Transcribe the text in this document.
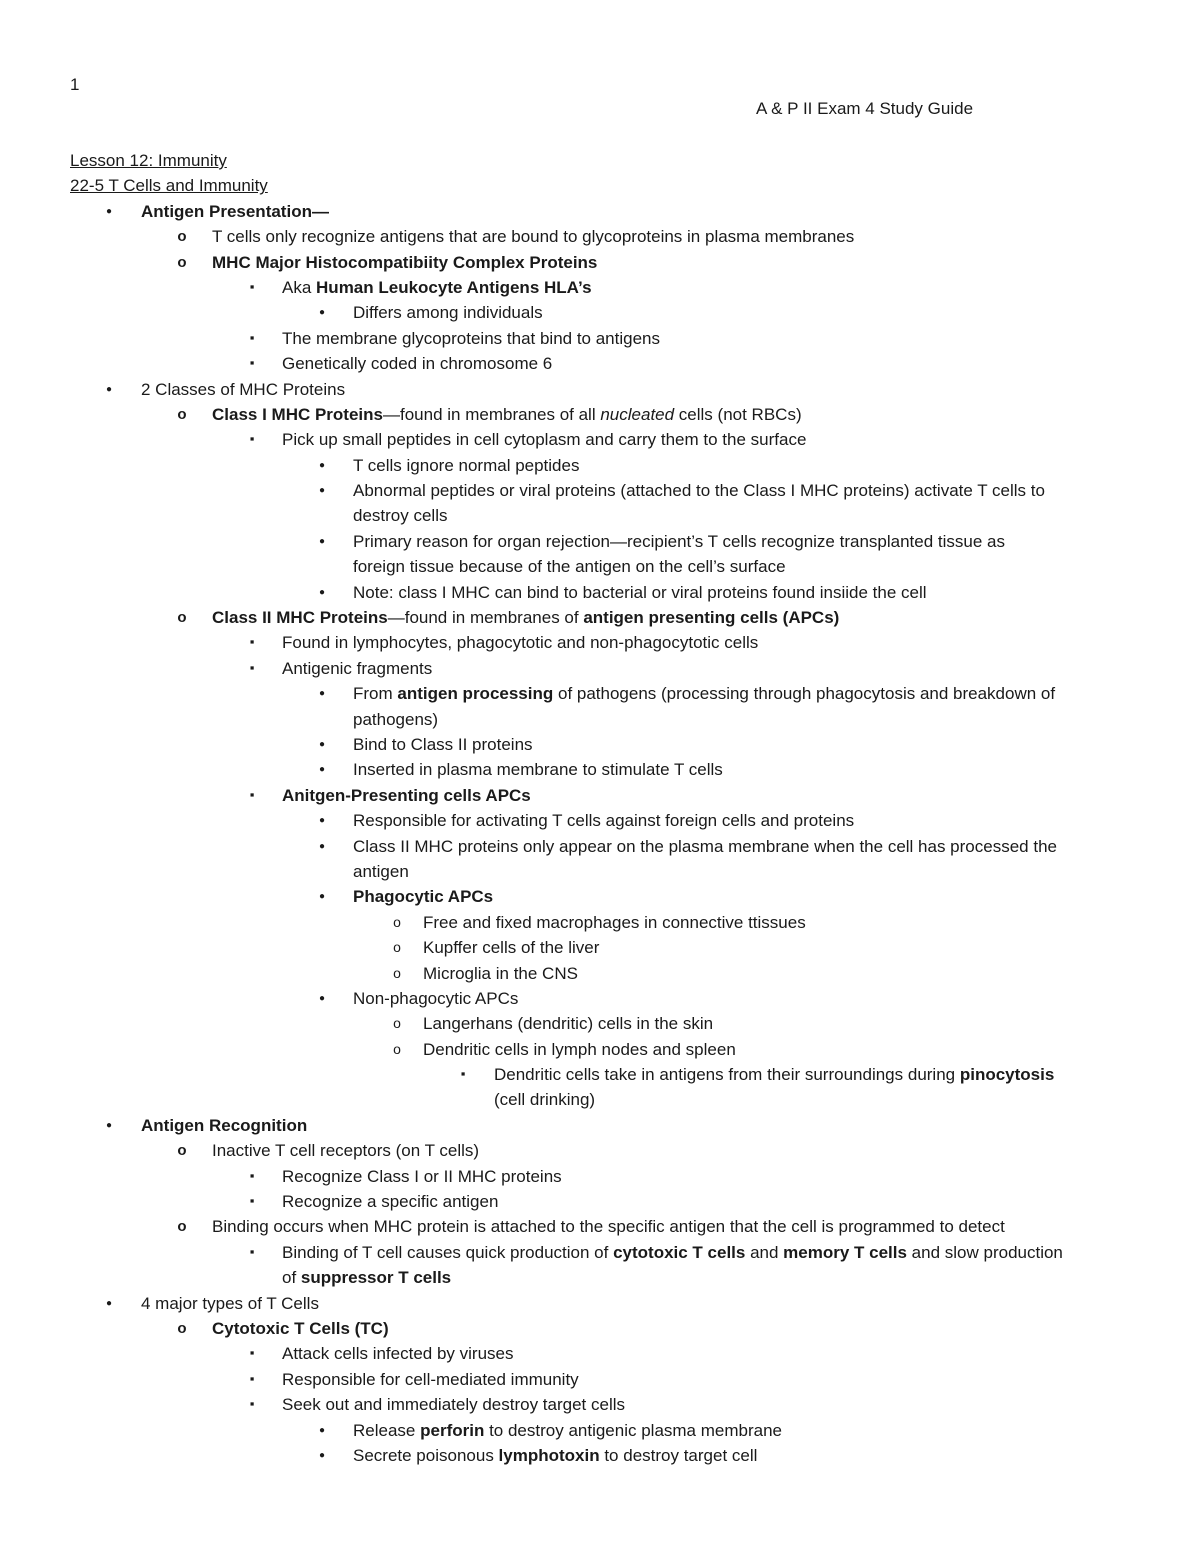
1
A & P II Exam 4 Study Guide
Lesson 12: Immunity
22-5 T Cells and Immunity
●
Antigen Presentation—
o
T cells only recognize antigens that are bound to glycoproteins in plasma membranes
o
MHC Major Histocompatibiity Complex Proteins
▪
Aka Human Leukocyte Antigens HLA’s
●
Differs among individuals
▪
The membrane glycoproteins that bind to antigens
▪
Genetically coded in chromosome 6
●
2 Classes of MHC Proteins
o
Class I MHC Proteins—found in membranes of all nucleated cells (not RBCs)
▪
Pick up small peptides in cell cytoplasm and carry them to the surface
●
T cells ignore normal peptides
●
Abnormal peptides or viral proteins (attached to the Class I MHC proteins) activate T cells to
destroy cells
●
Primary reason for organ rejection—recipient’s T cells recognize transplanted tissue as
foreign tissue because of the antigen on the cell’s surface
●
Note: class I MHC can bind to bacterial or viral proteins found insiide the cell
o
Class II MHC Proteins—found in membranes of antigen presenting cells (APCs)
▪
Found in lymphocytes, phagocytotic and non-phagocytotic cells
▪
Antigenic fragments
●
From antigen processing of pathogens (processing through phagocytosis and breakdown of
pathogens)
●
Bind to Class II proteins
●
Inserted in plasma membrane to stimulate T cells
▪
Anitgen-Presenting cells APCs
●
Responsible for activating T cells against foreign cells and proteins
●
Class II MHC proteins only appear on the plasma membrane when the cell has processed the
antigen
●
Phagocytic APCs
o
Free and fixed macrophages in connective ttissues
o
Kupffer cells of the liver
o
Microglia in the CNS
●
Non-phagocytic APCs
o
Langerhans (dendritic) cells in the skin
o
Dendritic cells in lymph nodes and spleen
▪
Dendritic cells take in antigens from their surroundings during pinocytosis
(cell drinking)
●
Antigen Recognition
o
Inactive T cell receptors (on T cells)
▪
Recognize Class I or II MHC proteins
▪
Recognize a specific antigen
o
Binding occurs when MHC protein is attached to the specific antigen that the cell is programmed to detect
▪
Binding of T cell causes quick production of cytotoxic T cells and memory T cells and slow production
of suppressor T cells
●
4 major types of T Cells
o
Cytotoxic T Cells (TC)
▪
Attack cells infected by viruses
▪
Responsible for cell-mediated immunity
▪
Seek out and immediately destroy target cells
●
Release perforin to destroy antigenic plasma membrane
●
Secrete poisonous lymphotoxin to destroy target cell
